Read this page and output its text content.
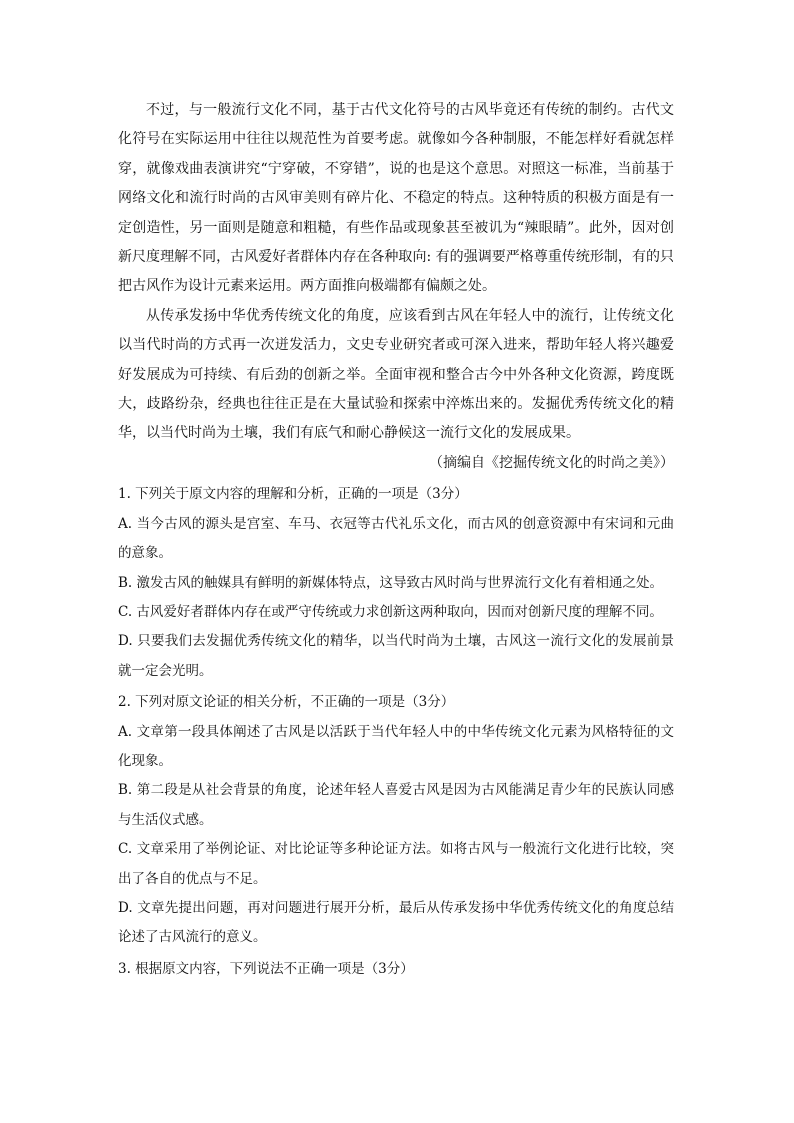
不过，与一般流行文化不同，基于古代文化符号的古风毕竟还有传统的制约。古代文化符号在实际运用中往往以规范性为首要考虑。就像如今各种制服，不能怎样好看就怎样穿，就像戏曲表演讲究“宁穿破，不穿错”，说的也是这个意思。对照这一标准，当前基于网络文化和流行时尚的古风审美则有碎片化、不稳定的特点。这种特质的积极方面是有一定创造性，另一面则是随意和粗糙，有些作品或现象甚至被讥为“辣眼睛”。此外，因对创新尺度理解不同，古风爱好者群体内存在各种取向: 有的强调要严格尊重传统形制，有的只把古风作为设计元素来运用。两方面推向极端都有偏颇之处。

从传承发扬中华优秀传统文化的角度，应该看到古风在年轻人中的流行，让传统文化以当代时尚的方式再一次迸发活力，文史专业研究者或可深入进来，帮助年轻人将兴趣爱好发展成为可持续、有后劲的创新之举。全面审视和整合古今中外各种文化资源，跨度既大，歧路纷杂，经典也往往正是在大量试验和探索中淬炼出来的。发掘优秀传统文化的精华，以当代时尚为土壤，我们有底气和耐心静候这一流行文化的发展成果。

（摘编自《挖掘传统文化的时尚之美》）

1. 下列关于原文内容的理解和分析，正确的一项是（3分）

A. 当今古风的源头是宫室、车马、衣冠等古代礼乐文化，而古风的创意资源中有宋词和元曲的意象。

B. 激发古风的触媒具有鲜明的新媒体特点，这导致古风时尚与世界流行文化有着相通之处。

C. 古风爱好者群体内存在或严守传统或力求创新这两种取向，因而对创新尺度的理解不同。

D. 只要我们去发掘优秀传统文化的精华，以当代时尚为土壤，古风这一流行文化的发展前景就一定会光明。

2. 下列对原文论证的相关分析，不正确的一项是（3分）

A. 文章第一段具体阐述了古风是以活跃于当代年轻人中的中华传统文化元素为风格特征的文化现象。

B. 第二段是从社会背景的角度，论述年轻人喜爱古风是因为古风能满足青少年的民族认同感与生活仪式感。

C. 文章采用了举例论证、对比论证等多种论证方法。如将古风与一般流行文化进行比较，突出了各自的优点与不足。

D. 文章先提出问题，再对问题进行展开分析，最后从传承发扬中华优秀传统文化的角度总结论述了古风流行的意义。

3. 根据原文内容，下列说法不正确一项是（3分）
